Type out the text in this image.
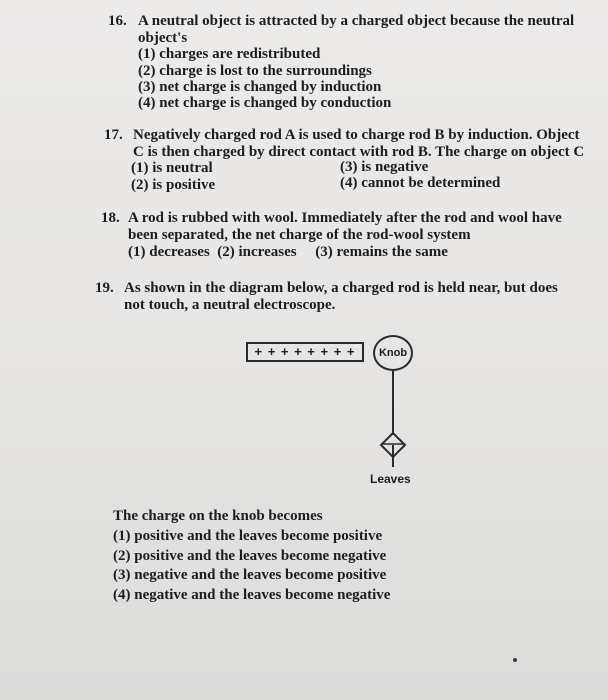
16. A neutral object is attracted by a charged object because the neutral
object's
(1) charges are redistributed
(2) charge is lost to the surroundings
(3) net charge is changed by induction
(4) net charge is changed by conduction
17. Negatively charged rod A is used to charge rod B by induction. Object
C is then charged by direct contact with rod B. The charge on object C
(1) is neutral	(3) is negative
(2) is positive	(4) cannot be determined
18. A rod is rubbed with wool. Immediately after the rod and wool have
been separated, the net charge of the rod-wool system
(1) decreases  (2) increases     (3) remains the same
19. As shown in the diagram below, a charged rod is held near, but does
not touch, a neutral electroscope.
+ + + + + + + +	Knob
Leaves
The charge on the knob becomes
(1) positive and the leaves become positive
(2) positive and the leaves become negative
(3) negative and the leaves become positive
(4) negative and the leaves become negative
